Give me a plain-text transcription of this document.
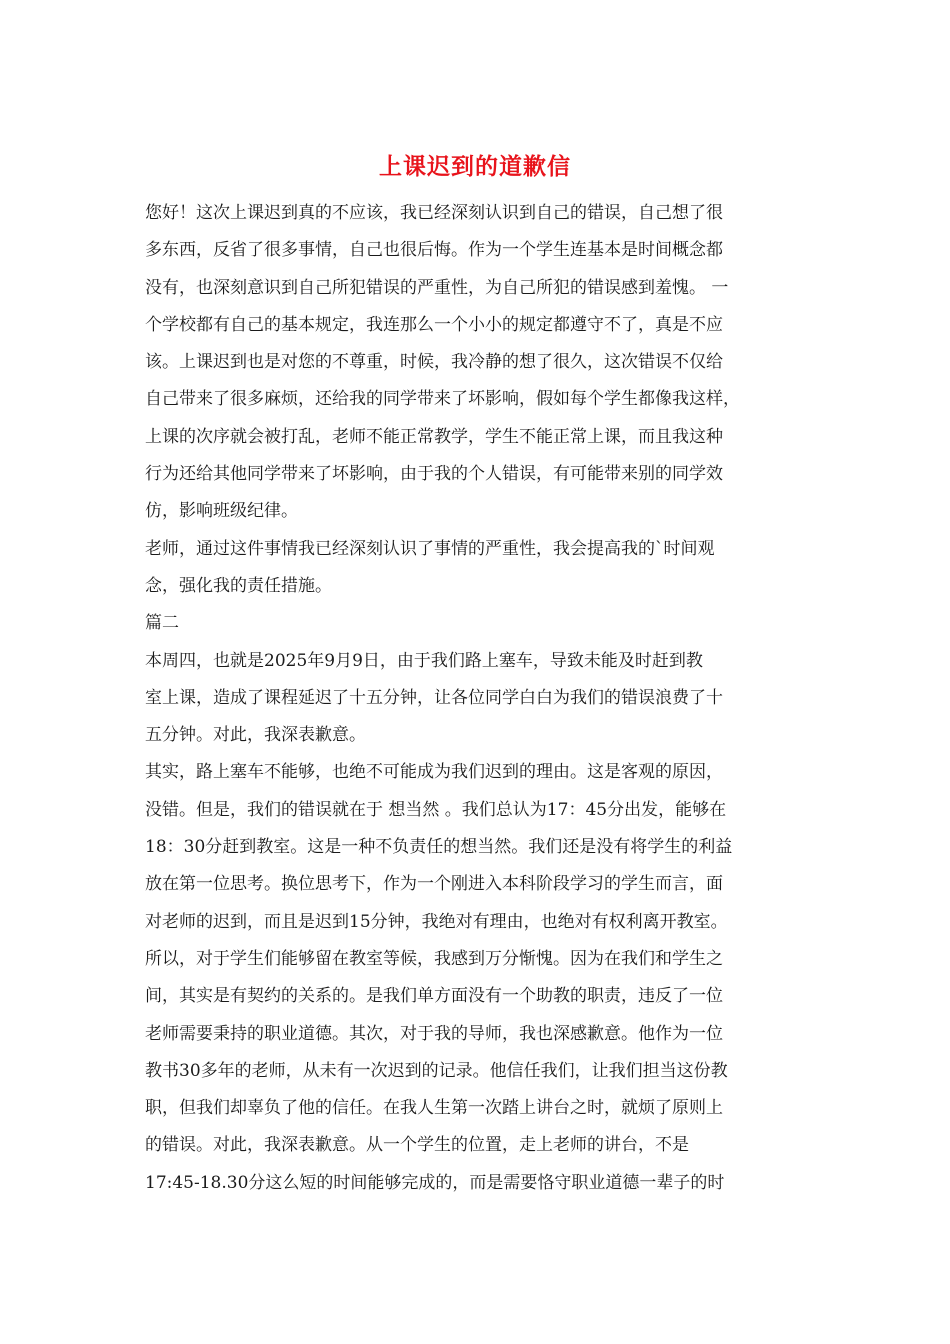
上课迟到的道歉信
您好！这次上课迟到真的不应该，我已经深刻认识到自己的错误，自己想了很
多东西，反省了很多事情，自己也很后悔。作为一个学生连基本是时间概念都
没有，也深刻意识到自己所犯错误的严重性，为自己所犯的错误感到羞愧。 一
个学校都有自己的基本规定，我连那么一个小小的规定都遵守不了，真是不应
该。上课迟到也是对您的不尊重，时候，我冷静的想了很久，这次错误不仅给
自己带来了很多麻烦，还给我的同学带来了坏影响，假如每个学生都像我这样，
上课的次序就会被打乱，老师不能正常教学，学生不能正常上课，而且我这种
行为还给其他同学带来了坏影响，由于我的个人错误，有可能带来别的同学效
仿，影响班级纪律。
老师，通过这件事情我已经深刻认识了事情的严重性，我会提高我的`时间观
念，强化我的责任措施。
篇二
本周四，也就是2025年9月9日，由于我们路上塞车，导致未能及时赶到教
室上课，造成了课程延迟了十五分钟，让各位同学白白为我们的错误浪费了十
五分钟。对此，我深表歉意。
其实，路上塞车不能够，也绝不可能成为我们迟到的理由。这是客观的原因，
没错。但是，我们的错误就在于 想当然 。我们总认为17：45分出发，能够在
18：30分赶到教室。这是一种不负责任的想当然。我们还是没有将学生的利益
放在第一位思考。换位思考下，作为一个刚进入本科阶段学习的学生而言，面
对老师的迟到，而且是迟到15分钟，我绝对有理由，也绝对有权利离开教室。
所以，对于学生们能够留在教室等候，我感到万分惭愧。因为在我们和学生之
间，其实是有契约的关系的。是我们单方面没有一个助教的职责，违反了一位
老师需要秉持的职业道德。其次，对于我的导师，我也深感歉意。他作为一位
教书30多年的老师，从未有一次迟到的记录。他信任我们，让我们担当这份教
职，但我们却辜负了他的信任。在我人生第一次踏上讲台之时，就烦了原则上
的错误。对此，我深表歉意。从一个学生的位置，走上老师的讲台，不是
17:45-18.30分这么短的时间能够完成的，而是需要恪守职业道德一辈子的时
